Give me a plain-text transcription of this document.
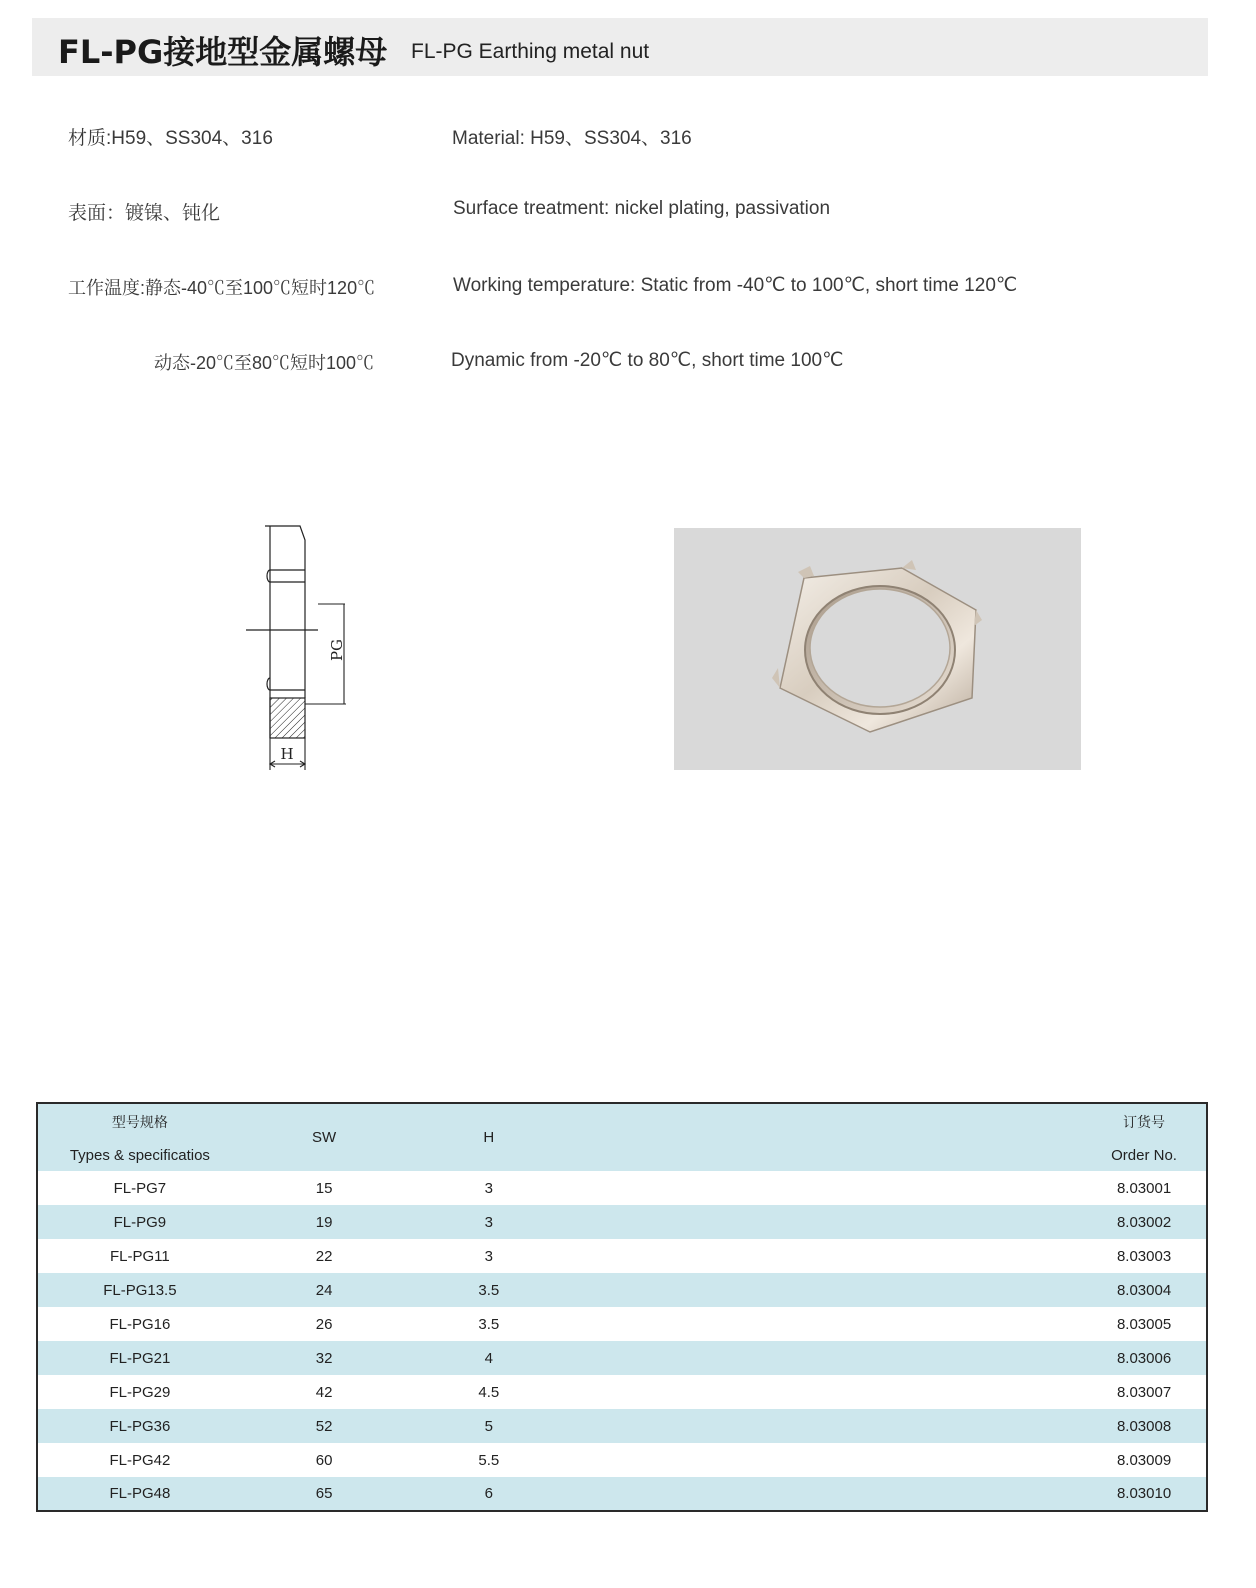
FL-PG接地型金属螺母 FL-PG Earthing metal nut
材质:H59、SS304、316	Material: H59、SS304、316
表面：镀镍、钝化	Surface treatment: nickel plating, passivation
工作温度:静态-40℃至100℃短时120℃	Working temperature: Static from -40℃ to 100℃, short time 120℃
动态-20℃至80℃短时100℃	Dynamic from -20℃ to 80℃, short time 100℃
PG
H
型号规格
Types & specificatios	SW	H		订货号
Order No.

FL-PG7	15	3		8.03001
FL-PG9	19	3		8.03002
FL-PG11	22	3		8.03003
FL-PG13.5	24	3.5		8.03004
FL-PG16	26	3.5		8.03005
FL-PG21	32	4		8.03006
FL-PG29	42	4.5		8.03007
FL-PG36	52	5		8.03008
FL-PG42	60	5.5		8.03009
FL-PG48	65	6		8.03010
